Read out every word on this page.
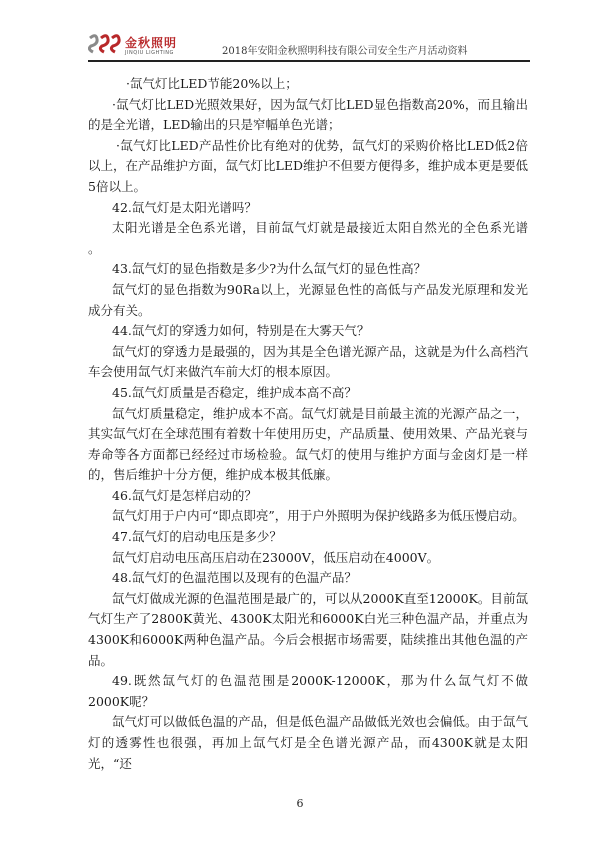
金秋照明
JINQIU LIGHTING	2018年安阳金秋照明科技有限公司安全生产月活动资料

·氙气灯比LED节能20%以上；

·氙气灯比LED光照效果好，因为氙气灯比LED显色指数高20%，而且输出的是全光谱，LED输出的只是窄幅单色光谱；

·氙气灯比LED产品性价比有绝对的优势，氙气灯的采购价格比LED低2倍以上，在产品维护方面，氙气灯比LED维护不但要方便得多，维护成本更是要低5倍以上。

42.氙气灯是太阳光谱吗？

太阳光谱是全色系光谱，目前氙气灯就是最接近太阳自然光的全色系光谱 。

43.氙气灯的显色指数是多少?为什么氙气灯的显色性高？

氙气灯的显色指数为90Ra以上，光源显色性的高低与产品发光原理和发光成分有关。

44.氙气灯的穿透力如何，特别是在大雾天气？

氙气灯的穿透力是最强的，因为其是全色谱光源产品，这就是为什么高档汽车会使用氙气灯来做汽车前大灯的根本原因。

45.氙气灯质量是否稳定，维护成本高不高？

氙气灯质量稳定，维护成本不高。氙气灯就是目前最主流的光源产品之一，其实氙气灯在全球范围有着数十年使用历史，产品质量、使用效果、产品光衰与寿命等各方面都已经经过市场检验。氙气灯的使用与维护方面与金卤灯是一样的，售后维护十分方便，维护成本极其低廉。

46.氙气灯是怎样启动的？

氙气灯用于户内可“即点即亮”，用于户外照明为保护线路多为低压慢启动。

47.氙气灯的启动电压是多少？

氙气灯启动电压高压启动在23000V，低压启动在4000V。

48.氙气灯的色温范围以及现有的色温产品？

氙气灯做成光源的色温范围是最广的，可以从2000K直至12000K。目前氙气灯生产了2800K黄光、4300K太阳光和6000K白光三种色温产品，并重点为4300K和6000K两种色温产品。今后会根据市场需要，陆续推出其他色温的产品。

49.既然氙气灯的色温范围是2000K-12000K，那为什么氙气灯不做2000K呢？

氙气灯可以做低色温的产品，但是低色温产品做低光效也会偏低。由于氙气灯的透雾性也很强，再加上氙气灯是全色谱光源产品，而4300K就是太阳光，“还

6
